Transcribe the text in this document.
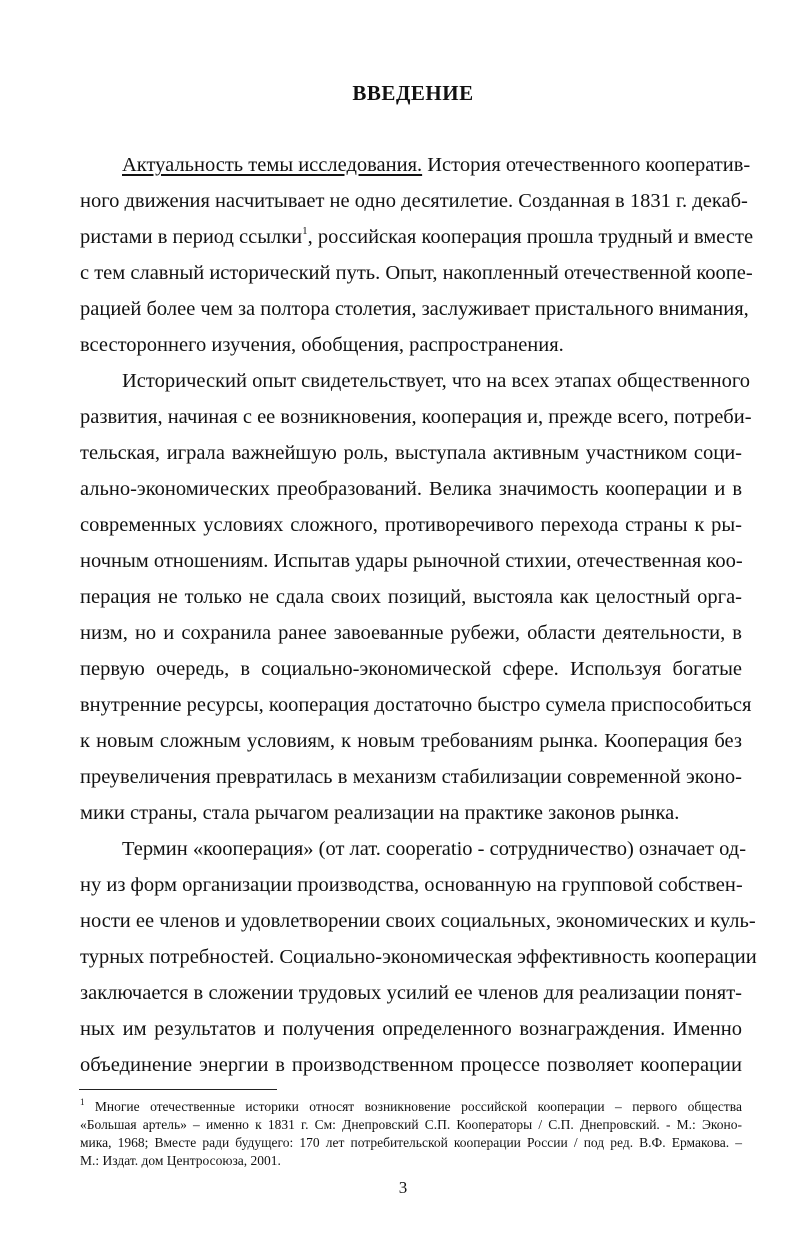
ВВЕДЕНИЕ
Актуальность темы исследования. История отечественного кооператив-
ного движения насчитывает не одно десятилетие. Созданная в 1831 г. декаб-
ристами в период ссылки$^1$, российская кооперация прошла трудный и вместе
с тем славный исторический путь. Опыт, накопленный отечественной коопе-
рацией более чем за полтора столетия, заслуживает пристального внимания,
всестороннего изучения, обобщения, распространения.
Исторический опыт свидетельствует, что на всех этапах общественного
развития, начиная с ее возникновения, кооперация и, прежде всего, потреби-
тельская, играла важнейшую роль, выступала активным участником соци-
ально-экономических преобразований. Велика значимость кооперации и в
современных условиях сложного, противоречивого перехода страны к ры-
ночным отношениям. Испытав удары рыночной стихии, отечественная коо-
перация не только не сдала своих позиций, выстояла как целостный орга-
низм, но и сохранила ранее завоеванные рубежи, области деятельности, в
первую очередь, в социально-экономической сфере. Используя богатые
внутренние ресурсы, кооперация достаточно быстро сумела приспособиться
к новым сложным условиям, к новым требованиям рынка. Кооперация без
преувеличения превратилась в механизм стабилизации современной эконо-
мики страны, стала рычагом реализации на практике законов рынка.
Термин «кооперация» (от лат. cooperatio - сотрудничество) означает од-
ну из форм организации производства, основанную на групповой собствен-
ности ее членов и удовлетворении своих социальных, экономических и куль-
турных потребностей. Социально-экономическая эффективность кооперации
заключается в сложении трудовых усилий ее членов для реализации понят-
ных им результатов и получения определенного вознаграждения. Именно
объединение энергии в производственном процессе позволяет кооперации
$^1$ Многие отечественные историки относят возникновение российской кооперации – первого общества
«Большая артель» – именно к 1831 г. См: Днепровский С.П. Кооператоры / С.П. Днепровский. - М.: Эконо-
мика, 1968; Вместе ради будущего: 170 лет потребительской кооперации России / под ред. В.Ф. Ермакова. –
М.: Издат. дом Центросоюза, 2001.
3
